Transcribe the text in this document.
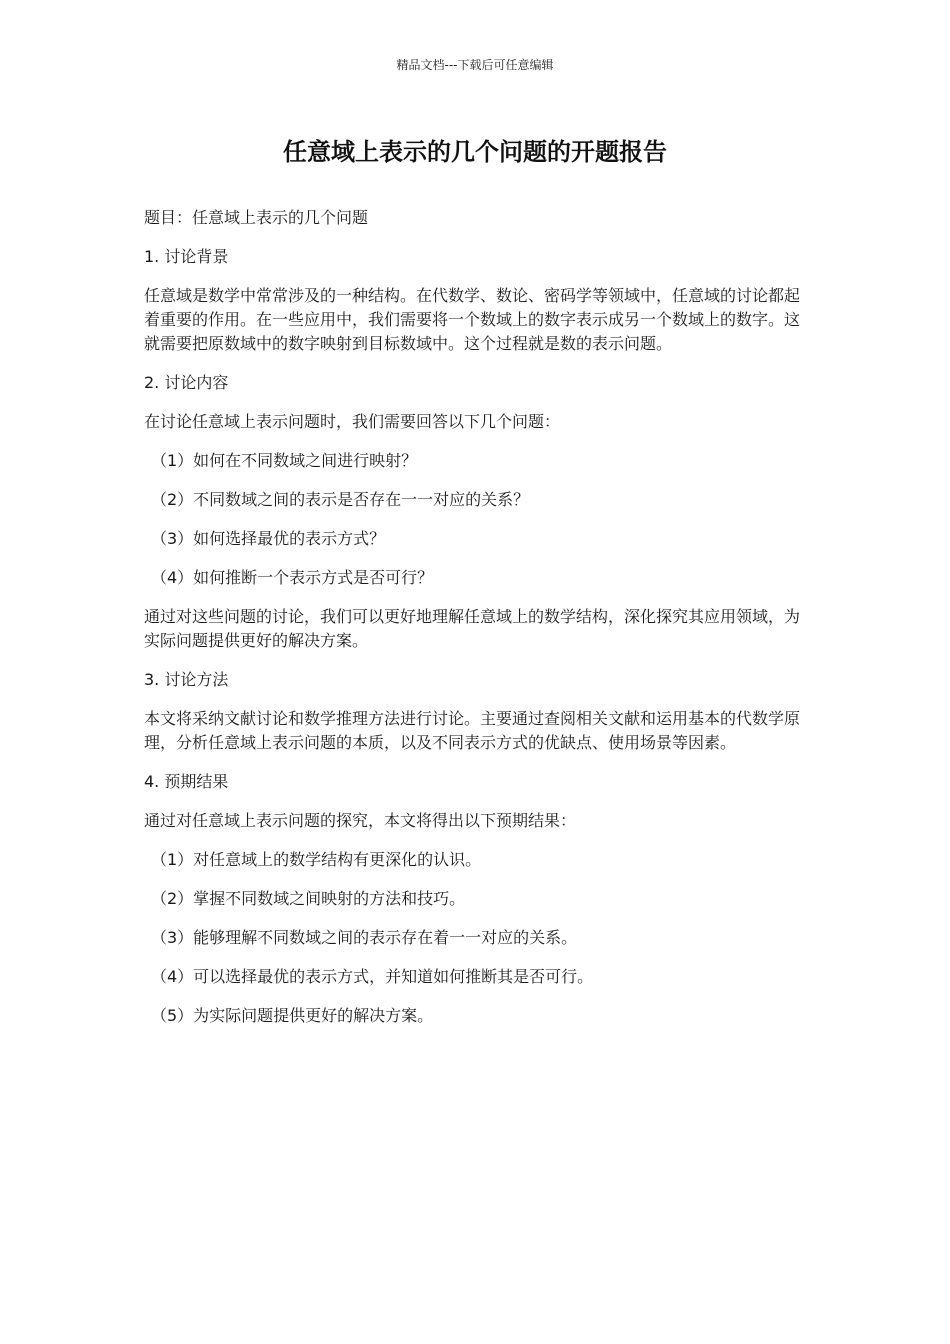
精品文档---下载后可任意编辑
任意域上表示的几个问题的开题报告

题目：任意域上表示的几个问题

1. 讨论背景

任意域是数学中常常涉及的一种结构。在代数学、数论、密码学等领域中，任意域的讨论都起着重要的作用。在一些应用中，我们需要将一个数域上的数字表示成另一个数域上的数字。这就需要把原数域中的数字映射到目标数域中。这个过程就是数的表示问题。

2. 讨论内容

在讨论任意域上表示问题时，我们需要回答以下几个问题：

（1）如何在不同数域之间进行映射？

（2）不同数域之间的表示是否存在一一对应的关系？

（3）如何选择最优的表示方式？

（4）如何推断一个表示方式是否可行？

通过对这些问题的讨论，我们可以更好地理解任意域上的数学结构，深化探究其应用领域，为实际问题提供更好的解决方案。

3. 讨论方法

本文将采纳文献讨论和数学推理方法进行讨论。主要通过查阅相关文献和运用基本的代数学原理，分析任意域上表示问题的本质，以及不同表示方式的优缺点、使用场景等因素。

4. 预期结果

通过对任意域上表示问题的探究，本文将得出以下预期结果：

（1）对任意域上的数学结构有更深化的认识。

（2）掌握不同数域之间映射的方法和技巧。

（3）能够理解不同数域之间的表示存在着一一对应的关系。

（4）可以选择最优的表示方式，并知道如何推断其是否可行。

（5）为实际问题提供更好的解决方案。
